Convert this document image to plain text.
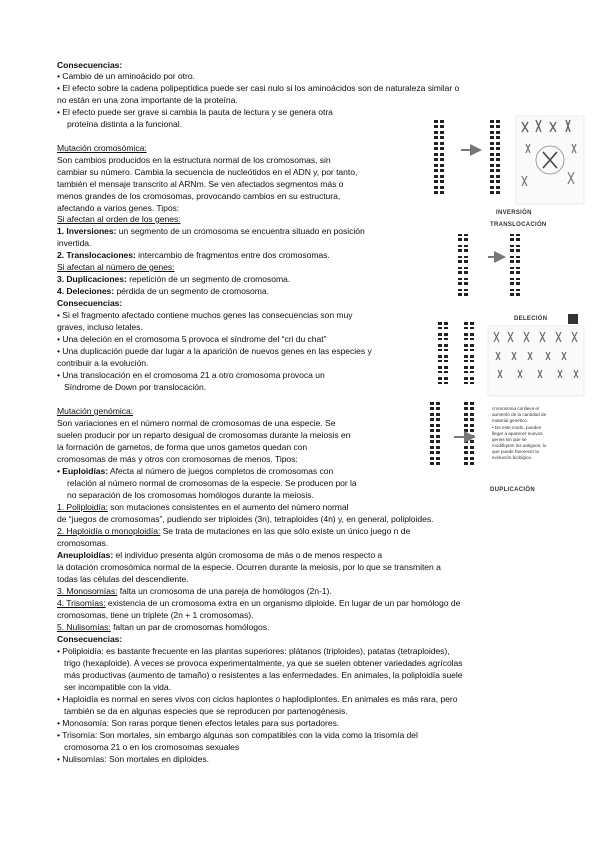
Consecuencias:
• Cambio de un aminoácido por otro.
• El efecto sobre la cadena polipeptídica puede ser casi nulo si los aminoácidos son de naturaleza similar o
no están en una zona importante de la proteína.
• El efecto puede ser grave si cambia la pauta de lectura y se genera otra
proteína distinta a la funcional.
Mutación cromosómica:
Son cambios producidos en la estructura normal de los cromosomas, sin
cambiar su número. Cambia la secuencia de nucleótidos en el ADN y, por tanto,
también el mensaje transcrito al ARNm. Se ven afectados segmentos más o
menos grandes de los cromosomas, provocando cambios en su estructura,
afectando a varios genes. Tipos:
Si afectan al orden de los genes:
1. Inversiones: un segmento de un cromosoma se encuentra situado en posición
invertida.
2. Translocaciones: intercambio de fragmentos entre dos cromosomas.
Si afectan al número de genes:
3. Duplicaciones: repetición de un segmento de cromosoma.
4. Deleciones: pérdida de un segmento de cromosoma.
Consecuencias:
• Si el fragmento afectado contiene muchos genes las consecuencias son muy
graves, incluso letales.
• Una deleción en el cromosoma 5 provoca el síndrome del “cri du chat”
• Una duplicación puede dar lugar a la aparición de nuevos genes en las especies y
contribuir a la evolución.
• Una translocación en el cromosoma 21 a otro cromosoma provoca un
Síndrome de Down por translocación.
Mutación genómica:
Son variaciones en el número normal de cromosomas de una especie. Se
suelen producir por un reparto desigual de cromosomas durante la meiosis en
la formación de gametos, de forma que unos gametos quedan con
cromosomas de más y otros con cromosomas de menos. Tipos:
• Euploidías: Afecta al número de juegos completos de cromosomas con
relación al número normal de cromosomas de la especie. Se producen por la
no separación de los cromosomas homólogos durante la meiosis.
1. Poliploidía: son mutaciones consistentes en el aumento del número normal
de “juegos de cromosomas”, pudiendo ser triploides (3n), tetraploides (4n) y, en general, poliploides.
2. Haploidía o monoploidía: Se trata de mutaciones en las que sólo existe un único juego n de
cromosomas.
Aneuploidías: el individuo presenta algún cromosoma de más o de menos respecto a
la dotación cromosómica normal de la especie. Ocurren durante la meiosis, por lo que se transmiten a
todas las células del descendiente.
3. Monosomías: falta un cromosoma de una pareja de homólogos (2n-1).
4. Trisomías: existencia de un cromosoma extra en un organismo diploide. En lugar de un par homólogo de
cromosomas, tiene un triplete (2n + 1 cromosomas).
5. Nulisomías: faltan un par de cromosomas homólogos.
Consecuencias:
• Poliploidía: es bastante frecuente en las plantas superiores: plátanos (triploides), patatas (tetraploides),
trigo (hexaploide). A veces se provoca experimentalmente, ya que se suelen obtener variedades agrícolas
más productivas (aumento de tamaño) o resistentes a las enfermedades. En animales, la poliploidía suele
ser incompatible con la vida.
• Haploidía es normal en seres vivos con ciclos haplontes o haplodiplontes. En animales es más rara, pero
también se da en algunas especies que se reproducen por partenogénesis.
• Monosomía: Son raras porque tienen efectos letales para sus portadores.
• Trisomía: Son mortales, sin embargo algunas son compatibles con la vida como la trisomía del
cromosoma 21 o en los cromosomas sexuales
• Nulisomías: Son mortales en diploides.
INVERSIÓN
TRANSLOCACIÓN
DELECIÓN
DUPLICACIÓN
cromosoma conlleva el
aumento de la cantidad de
material genético.
• De este modo, pueden
llegar a aparecer nuevos
genes sin que se
modifiquen los antiguos, lo
que puede favorecer la
evolución biológica.
